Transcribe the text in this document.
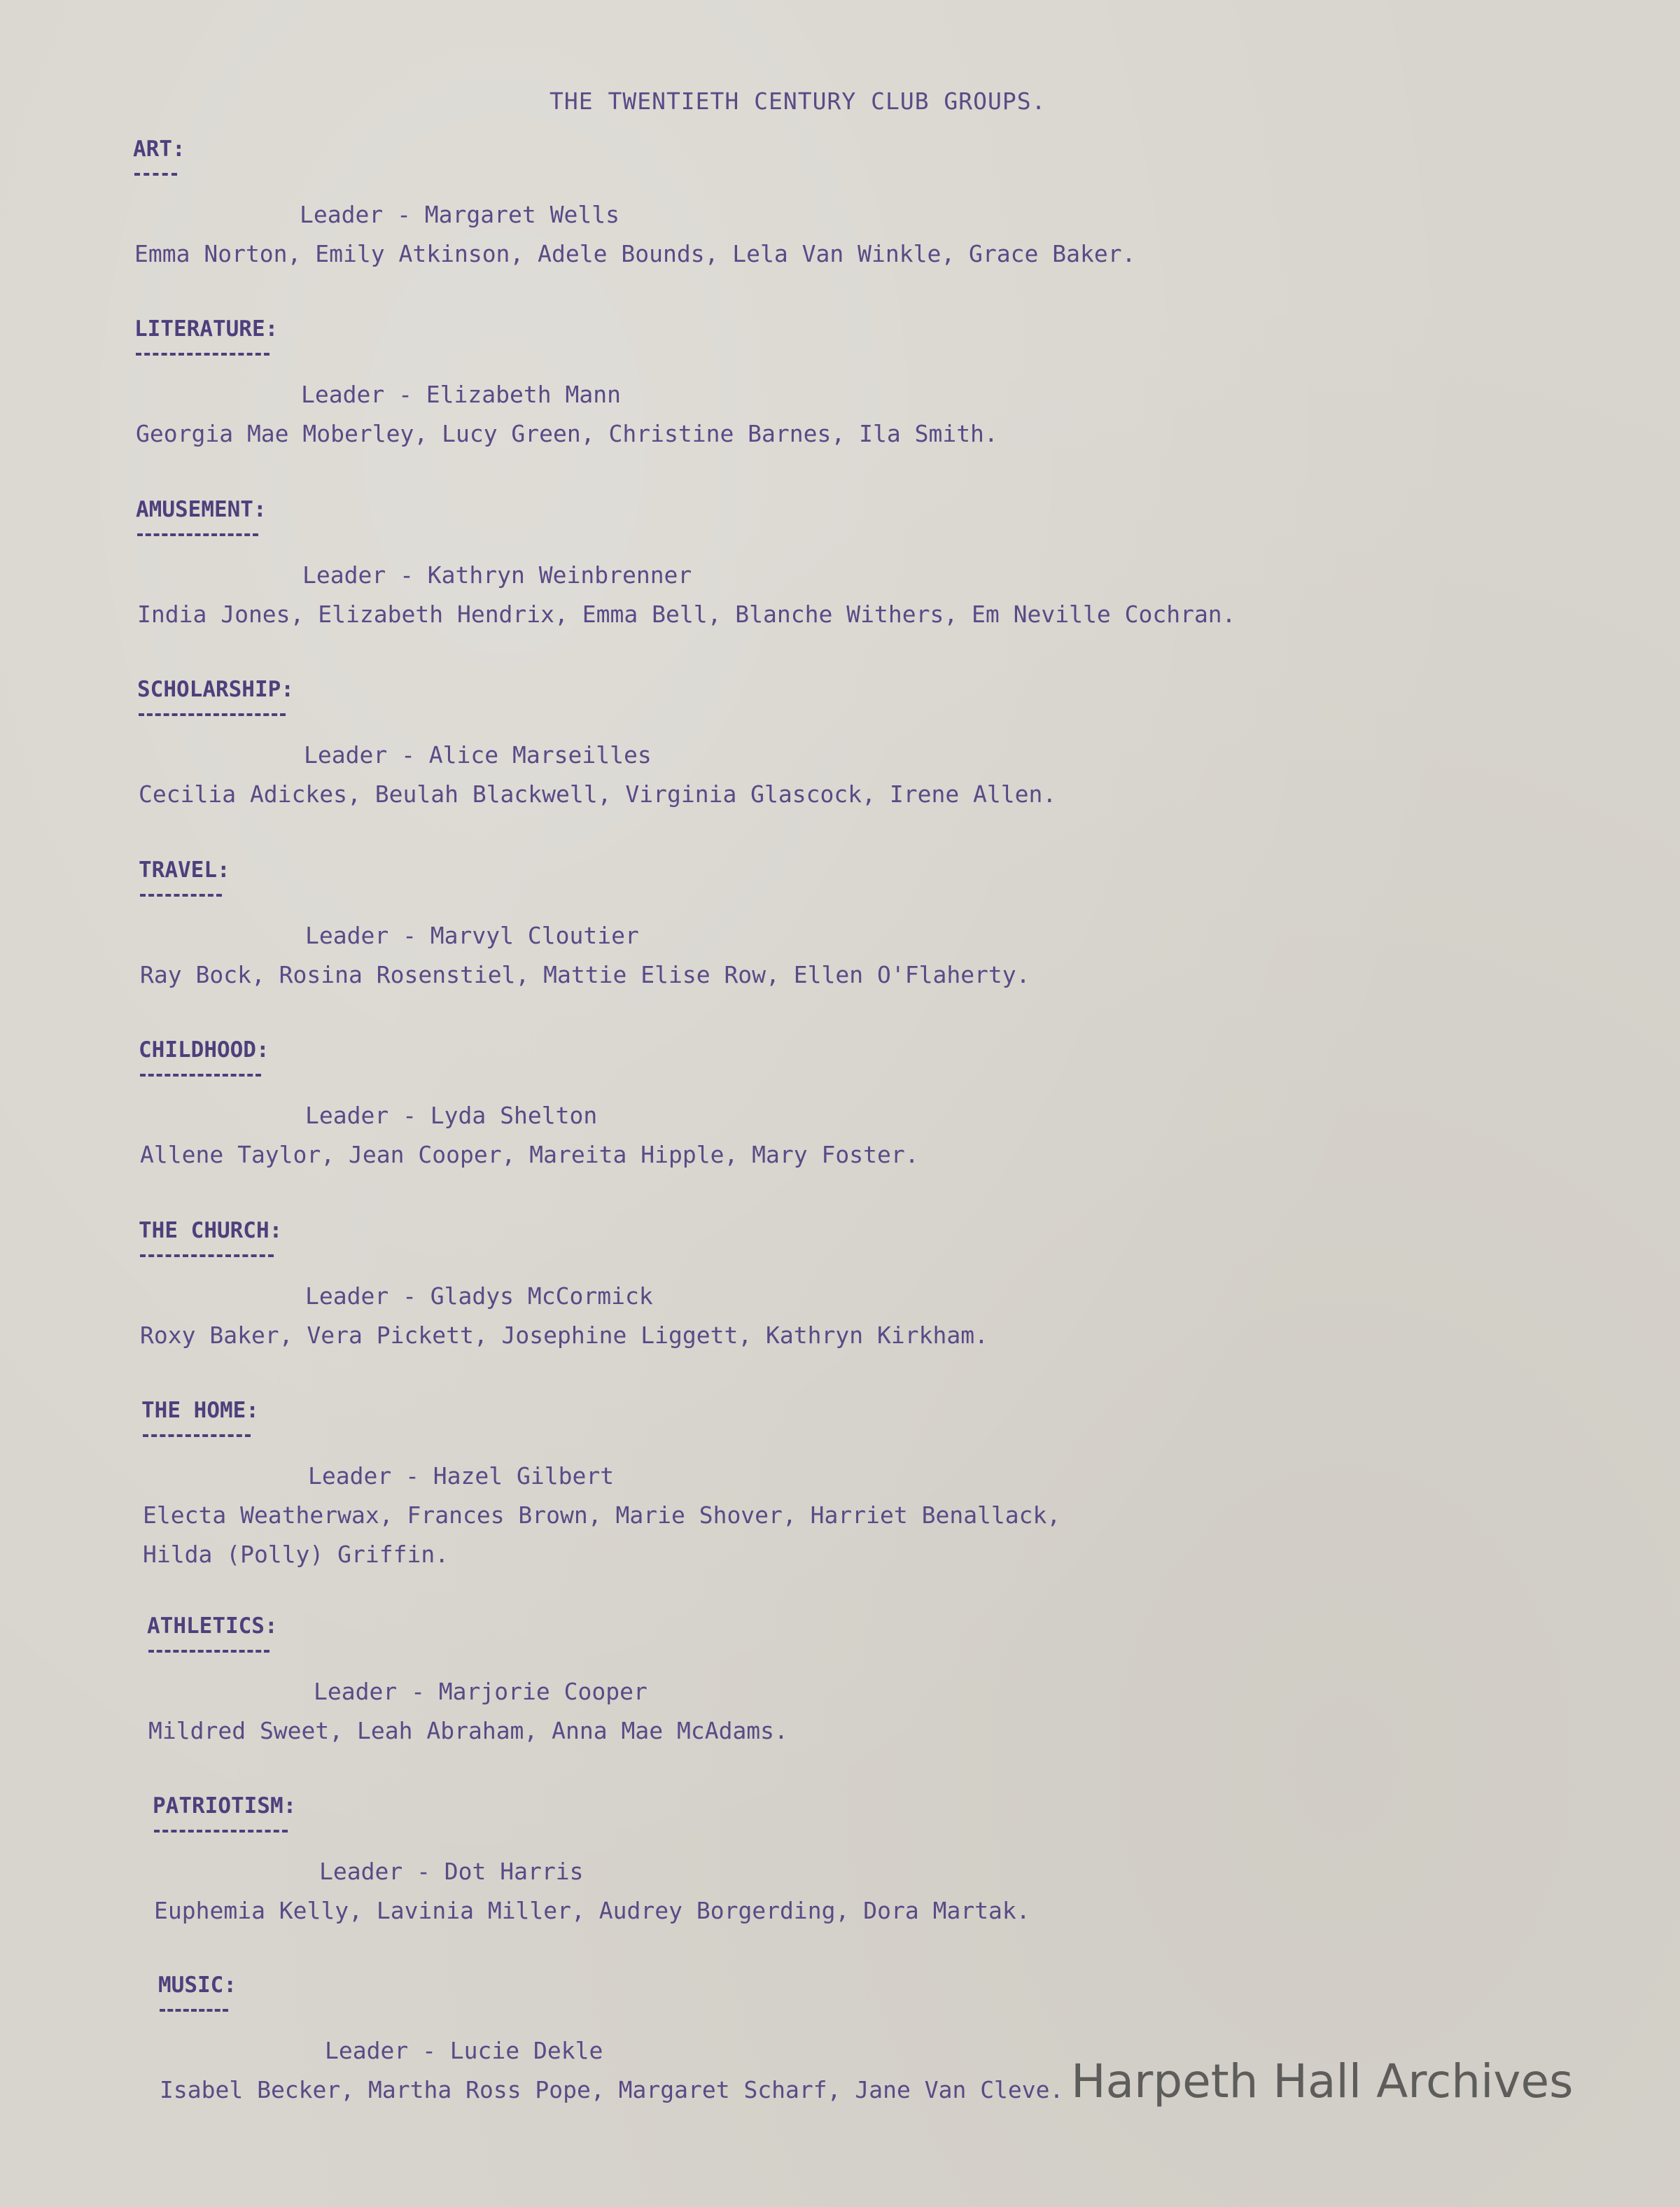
THE TWENTIETH CENTURY CLUB GROUPS.
ART:
Leader - Margaret Wells
Emma Norton, Emily Atkinson, Adele Bounds, Lela Van Winkle, Grace Baker.
LITERATURE:
Leader - Elizabeth Mann
Georgia Mae Moberley, Lucy Green, Christine Barnes, Ila Smith.
AMUSEMENT:
Leader - Kathryn Weinbrenner
India Jones, Elizabeth Hendrix, Emma Bell, Blanche Withers, Em Neville Cochran.
SCHOLARSHIP:
Leader - Alice Marseilles
Cecilia Adickes, Beulah Blackwell, Virginia Glascock, Irene Allen.
TRAVEL:
Leader - Marvyl Cloutier
Ray Bock, Rosina Rosenstiel, Mattie Elise Row, Ellen O'Flaherty.
CHILDHOOD:
Leader - Lyda Shelton
Allene Taylor, Jean Cooper, Mareita Hipple, Mary Foster.
THE CHURCH:
Leader - Gladys McCormick
Roxy Baker, Vera Pickett, Josephine Liggett, Kathryn Kirkham.
THE HOME:
Leader - Hazel Gilbert
Electa Weatherwax, Frances Brown, Marie Shover, Harriet Benallack,
Hilda (Polly) Griffin.
ATHLETICS:
Leader - Marjorie Cooper
Mildred Sweet, Leah Abraham, Anna Mae McAdams.
PATRIOTISM:
Leader - Dot Harris
Euphemia Kelly, Lavinia Miller, Audrey Borgerding, Dora Martak.
MUSIC:
Leader - Lucie Dekle
Isabel Becker, Martha Ross Pope, Margaret Scharf, Jane Van Cleve. Harpeth Hall Archives
